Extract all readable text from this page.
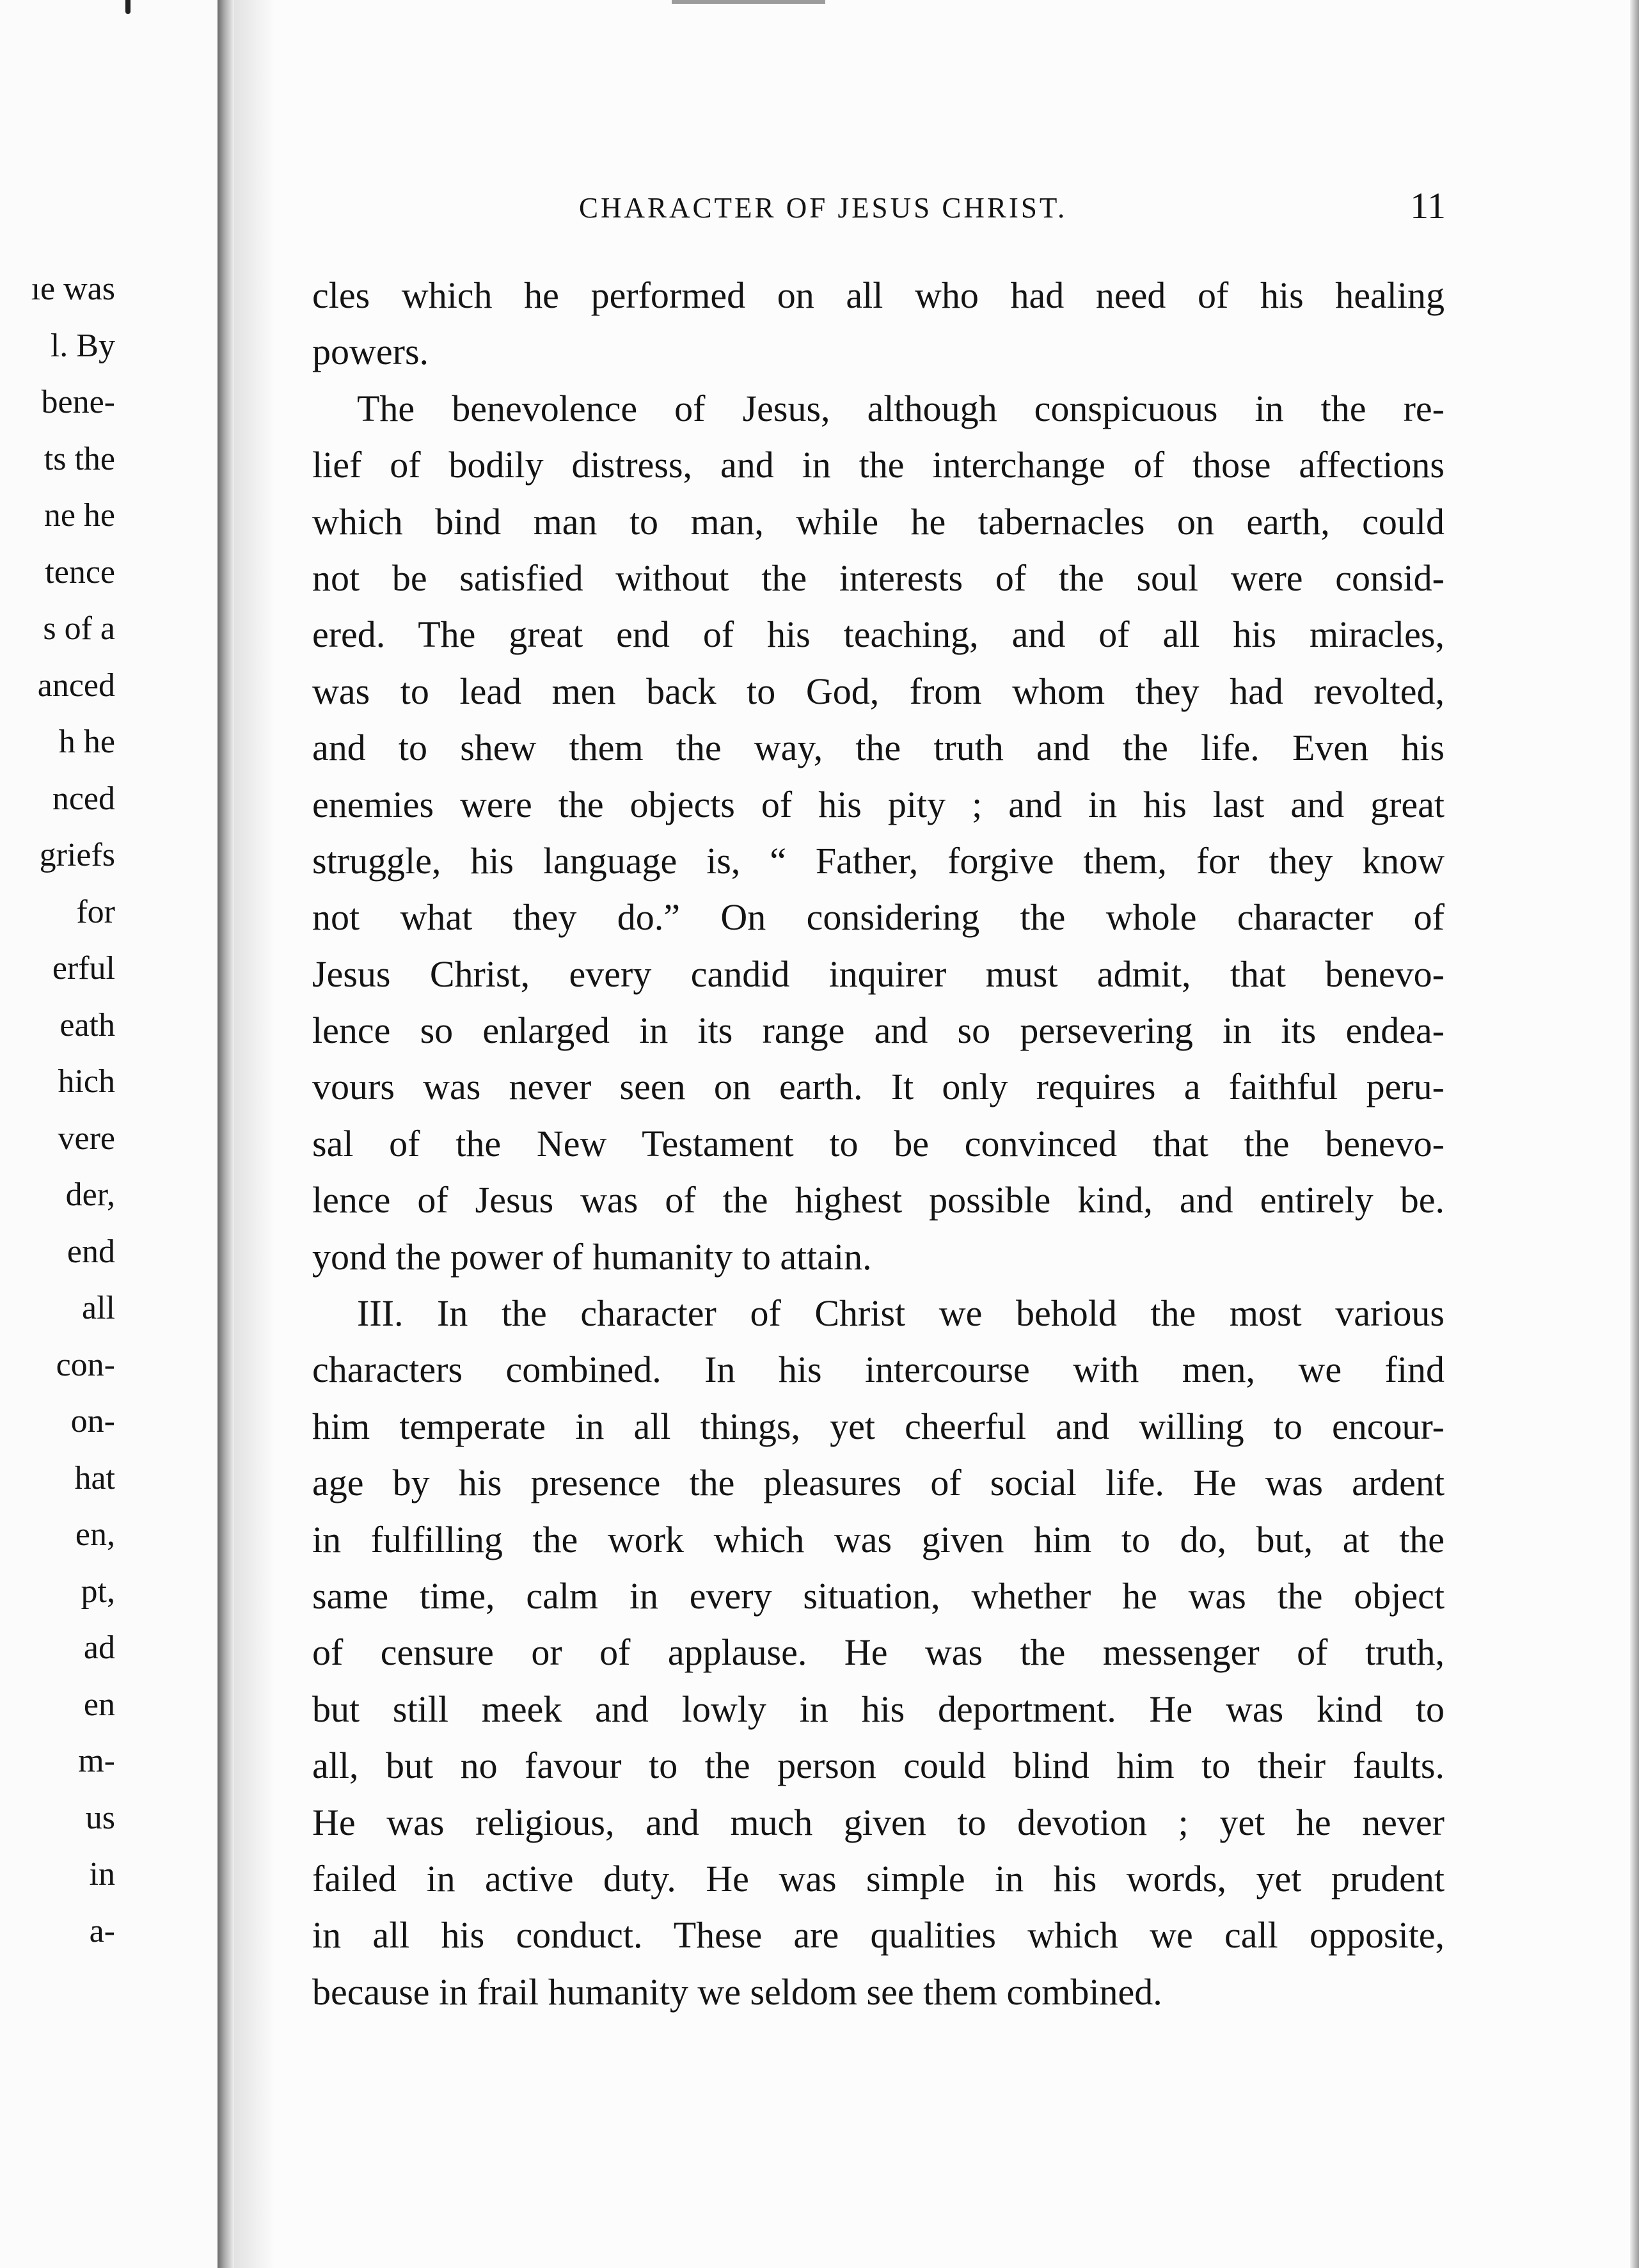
ıe was
l. By
bene-
ts the
ne he
tence
s of a
anced
h he
nced
griefs
for
erful
eath
hich
vere
der,
end
all
con-
on-
hat
en,
pt,
ad
en
m-
us
in
a-
CHARACTER OF JESUS CHRIST.	11
cles which he performed on all who had need of his healing
powers.
The benevolence of Jesus, although conspicuous in the re-
lief of bodily distress, and in the interchange of those affections
which bind man to man, while he tabernacles on earth, could
not be satisfied without the interests of the soul were consid-
ered. The great end of his teaching, and of all his miracles,
was to lead men back to God, from whom they had revolted,
and to shew them the way, the truth and the life. Even his
enemies were the objects of his pity ; and in his last and great
struggle, his language is, “ Father, forgive them, for they know
not what they do.” On considering the whole character of
Jesus Christ, every candid inquirer must admit, that benevo-
lence so enlarged in its range and so persevering in its endea-
vours was never seen on earth. It only requires a faithful peru-
sal of the New Testament to be convinced that the benevo-
lence of Jesus was of the highest possible kind, and entirely be.
yond the power of humanity to attain.
III. In the character of Christ we behold the most various
characters combined. In his intercourse with men, we find
him temperate in all things, yet cheerful and willing to encour-
age by his presence the pleasures of social life. He was ardent
in fulfilling the work which was given him to do, but, at the
same time, calm in every situation, whether he was the object
of censure or of applause. He was the messenger of truth,
but still meek and lowly in his deportment. He was kind to
all, but no favour to the person could blind him to their faults.
He was religious, and much given to devotion ; yet he never
failed in active duty. He was simple in his words, yet prudent
in all his conduct. These are qualities which we call opposite,
because in frail humanity we seldom see them combined.
